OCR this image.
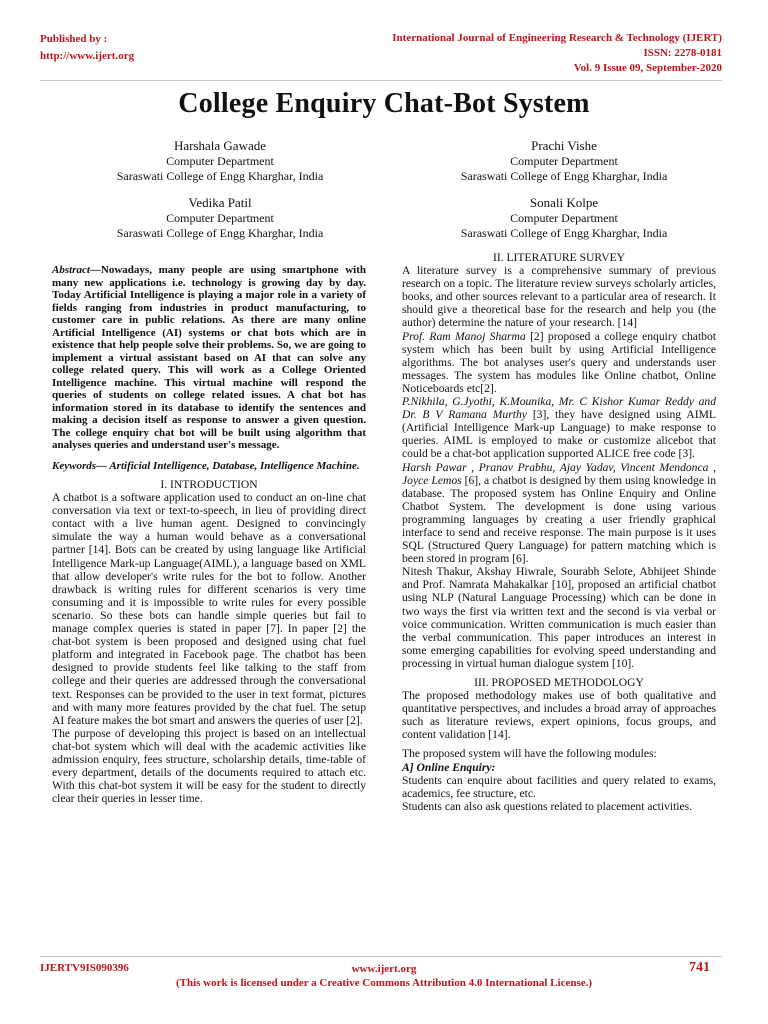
Published by :
http://www.ijert.org
International Journal of Engineering Research & Technology (IJERT)
ISSN: 2278-0181
Vol. 9 Issue 09, September-2020
College Enquiry Chat-Bot System
Harshala Gawade
Computer Department
Saraswati College of Engg Kharghar, India
Prachi Vishe
Computer Department
Saraswati College of Engg Kharghar, India
Vedika Patil
Computer Department
Saraswati College of Engg Kharghar, India
Sonali Kolpe
Computer Department
Saraswati College of Engg Kharghar, India

Abstract—Nowadays, many people are using smartphone with many new applications i.e. technology is growing day by day. Today Artificial Intelligence is playing a major role in a variety of fields ranging from industries in product manufacturing, to customer care in public relations. As there are many online Artificial Intelligence (AI) systems or chat bots which are in existence that help people solve their problems. So, we are going to implement a virtual assistant based on AI that can solve any college related query. This will work as a College Oriented Intelligence machine. This virtual machine will respond the queries of students on college related issues. A chat bot has information stored in its database to identify the sentences and making a decision itself as response to answer a given question. The college enquiry chat bot will be built using algorithm that analyses queries and understand user's message.

Keywords— Artificial Intelligence, Database, Intelligence Machine.

I. INTRODUCTION

A chatbot is a software application used to conduct an on-line chat conversation via text or text-to-speech, in lieu of providing direct contact with a live human agent. Designed to convincingly simulate the way a human would behave as a conversational partner [14]. Bots can be created by using language like Artificial Intelligence Mark-up Language(AIML), a language based on XML that allow developer's write rules for the bot to follow. Another drawback is writing rules for different scenarios is very time consuming and it is impossible to write rules for every possible scenario. So these bots can handle simple queries but fail to manage complex queries is stated in paper [7]. In paper [2] the chat-bot system is been proposed and designed using chat fuel platform and integrated in Facebook page. The chatbot has been designed to provide students feel like talking to the staff from college and their queries are addressed through the conversational text. Responses can be provided to the user in text format, pictures and with many more features provided by the chat fuel. The setup AI feature makes the bot smart and answers the queries of user [2].

The purpose of developing this project is based on an intellectual chat-bot system which will deal with the academic activities like admission enquiry, fees structure, scholarship details, time-table of every department, details of the documents required to attach etc. With this chat-bot system it will be easy for the student to directly clear their queries in lesser time.

II. LITERATURE SURVEY

A literature survey is a comprehensive summary of previous research on a topic. The literature review surveys scholarly articles, books, and other sources relevant to a particular area of research. It should give a theoretical base for the research and help you (the author) determine the nature of your research. [14]

Prof. Ram Manoj Sharma [2] proposed a college enquiry chatbot system which has been built by using Artificial Intelligence algorithms. The bot analyses user's query and understands user messages. The system has modules like Online chatbot, Online Noticeboards etc[2].

P.Nikhila, G.Jyothi, K.Mounika, Mr. C Kishor Kumar Reddy and Dr. B V Ramana Murthy [3], they have designed using AIML (Artificial Intelligence Mark-up Language) to make response to queries. AIML is employed to make or customize alicebot that could be a chat-bot application supported ALICE free code [3].

Harsh Pawar , Pranav Prabhu, Ajay Yadav, Vincent Mendonca , Joyce Lemos [6], a chatbot is designed by them using knowledge in database. The proposed system has Online Enquiry and Online Chatbot System. The development is done using various programming languages by creating a user friendly graphical interface to send and receive response. The main purpose is it uses SQL (Structured Query Language) for pattern matching which is been stored in program [6].

Nitesh Thakur, Akshay Hiwrale, Sourabh Selote, Abhijeet Shinde and Prof. Namrata Mahakalkar [10], proposed an artificial chatbot using NLP (Natural Language Processing) which can be done in two ways the first via written text and the second is via verbal or voice communication. Written communication is much easier than the verbal communication. This paper introduces an interest in some emerging capabilities for evolving speed understanding and processing in virtual human dialogue system [10].

III. PROPOSED METHODOLOGY

The proposed methodology makes use of both qualitative and quantitative perspectives, and includes a broad array of approaches such as literature reviews, expert opinions, focus groups, and content validation [14].

The proposed system will have the following modules:

A] Online Enquiry:

Students can enquire about facilities and query related to exams, academics, fee structure, etc.

Students can also ask questions related to placement activities.

IJERTV9IS090396	www.ijert.org
(This work is licensed under a Creative Commons Attribution 4.0 International License.)
741
